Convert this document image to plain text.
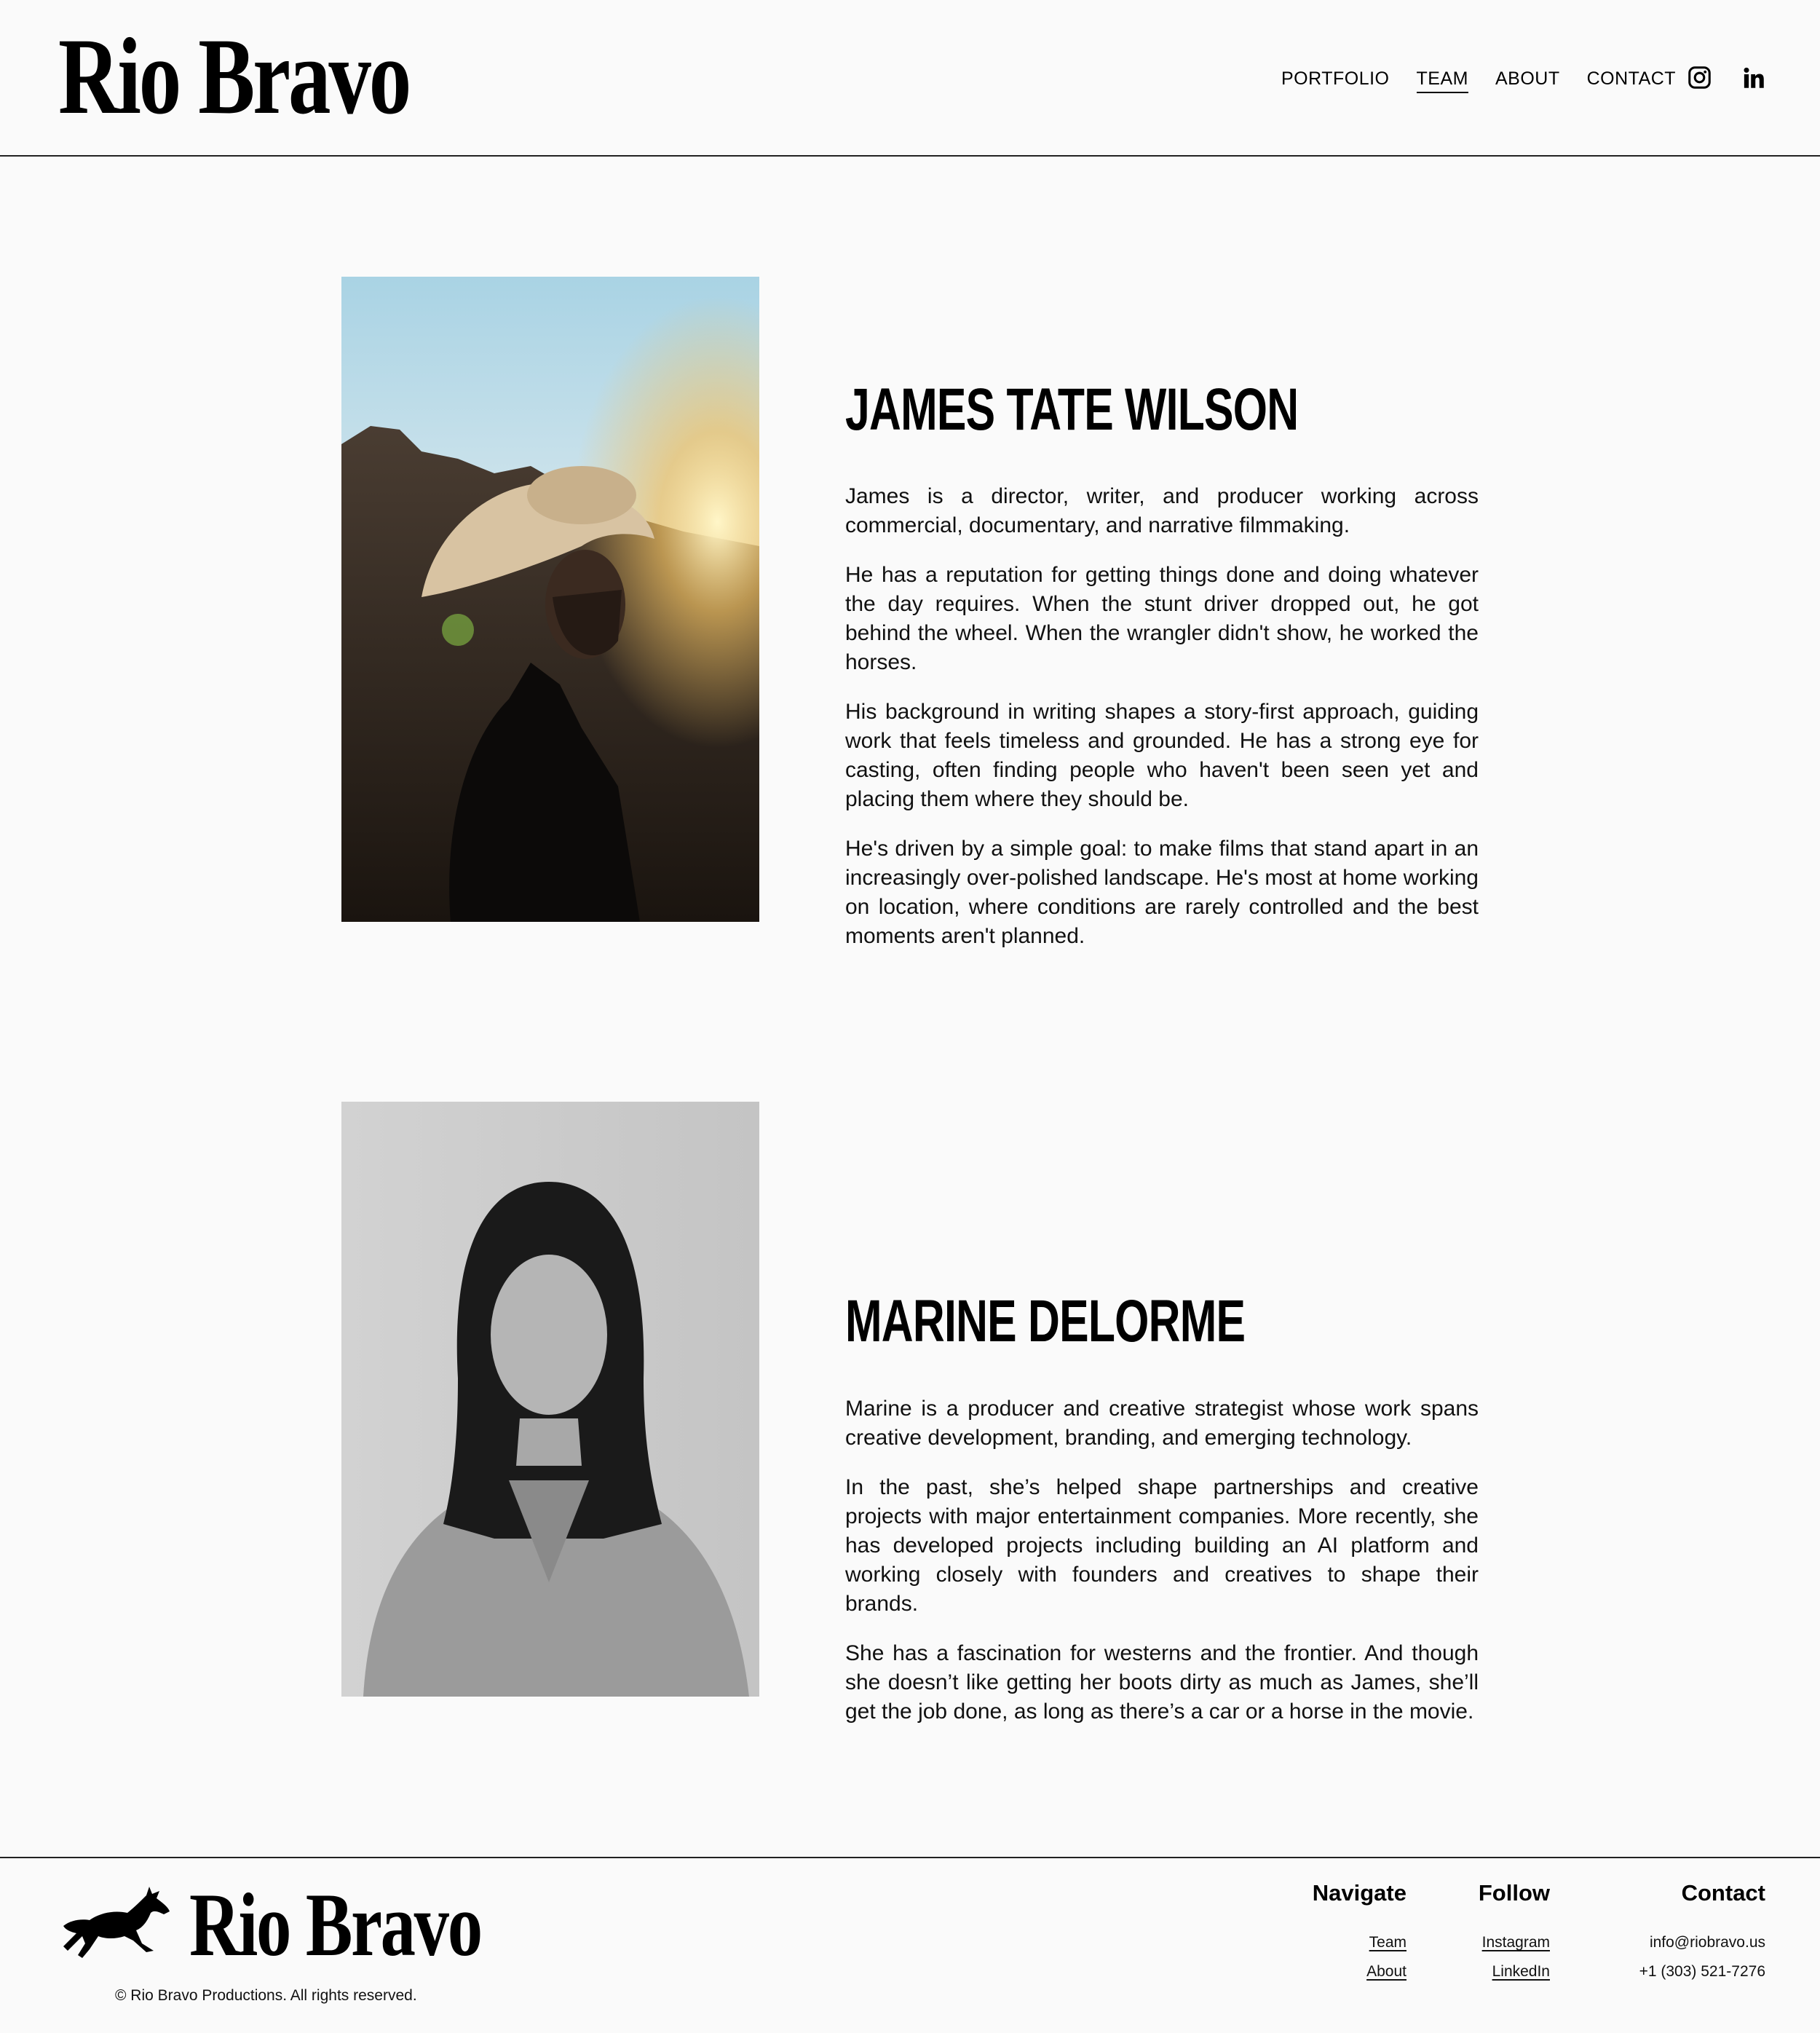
Rio Bravo	PORTFOLIO TEAM ABOUT CONTACT
JAMES TATE WILSON

James is a director, writer, and producer working across commercial, documentary, and narrative filmmaking.

He has a reputation for getting things done and doing whatever the day requires. When the stunt driver dropped out, he got behind the wheel. When the wrangler didn't show, he worked the horses.

His background in writing shapes a story-first approach, guiding work that feels timeless and grounded. He has a strong eye for casting, often finding people who haven't been seen yet and placing them where they should be.

He's driven by a simple goal: to make films that stand apart in an increasingly over-polished landscape. He's most at home working on location, where conditions are rarely controlled and the best moments aren't planned.

MARINE DELORME

Marine is a producer and creative strategist whose work spans creative development, branding, and emerging technology.

In the past, she’s helped shape partnerships and creative projects with major entertainment companies. More recently, she has developed projects including building an AI platform and working closely with founders and creatives to shape their brands.

She has a fascination for westerns and the frontier. And though she doesn’t like getting her boots dirty as much as James, she’ll get the job done, as long as there’s a car or a horse in the movie.

Rio Bravo
© Rio Bravo Productions. All rights reserved.
Navigate
Team
About
Follow
Instagram
LinkedIn
Contact
info@riobravo.us
+1 (303) 521-7276
